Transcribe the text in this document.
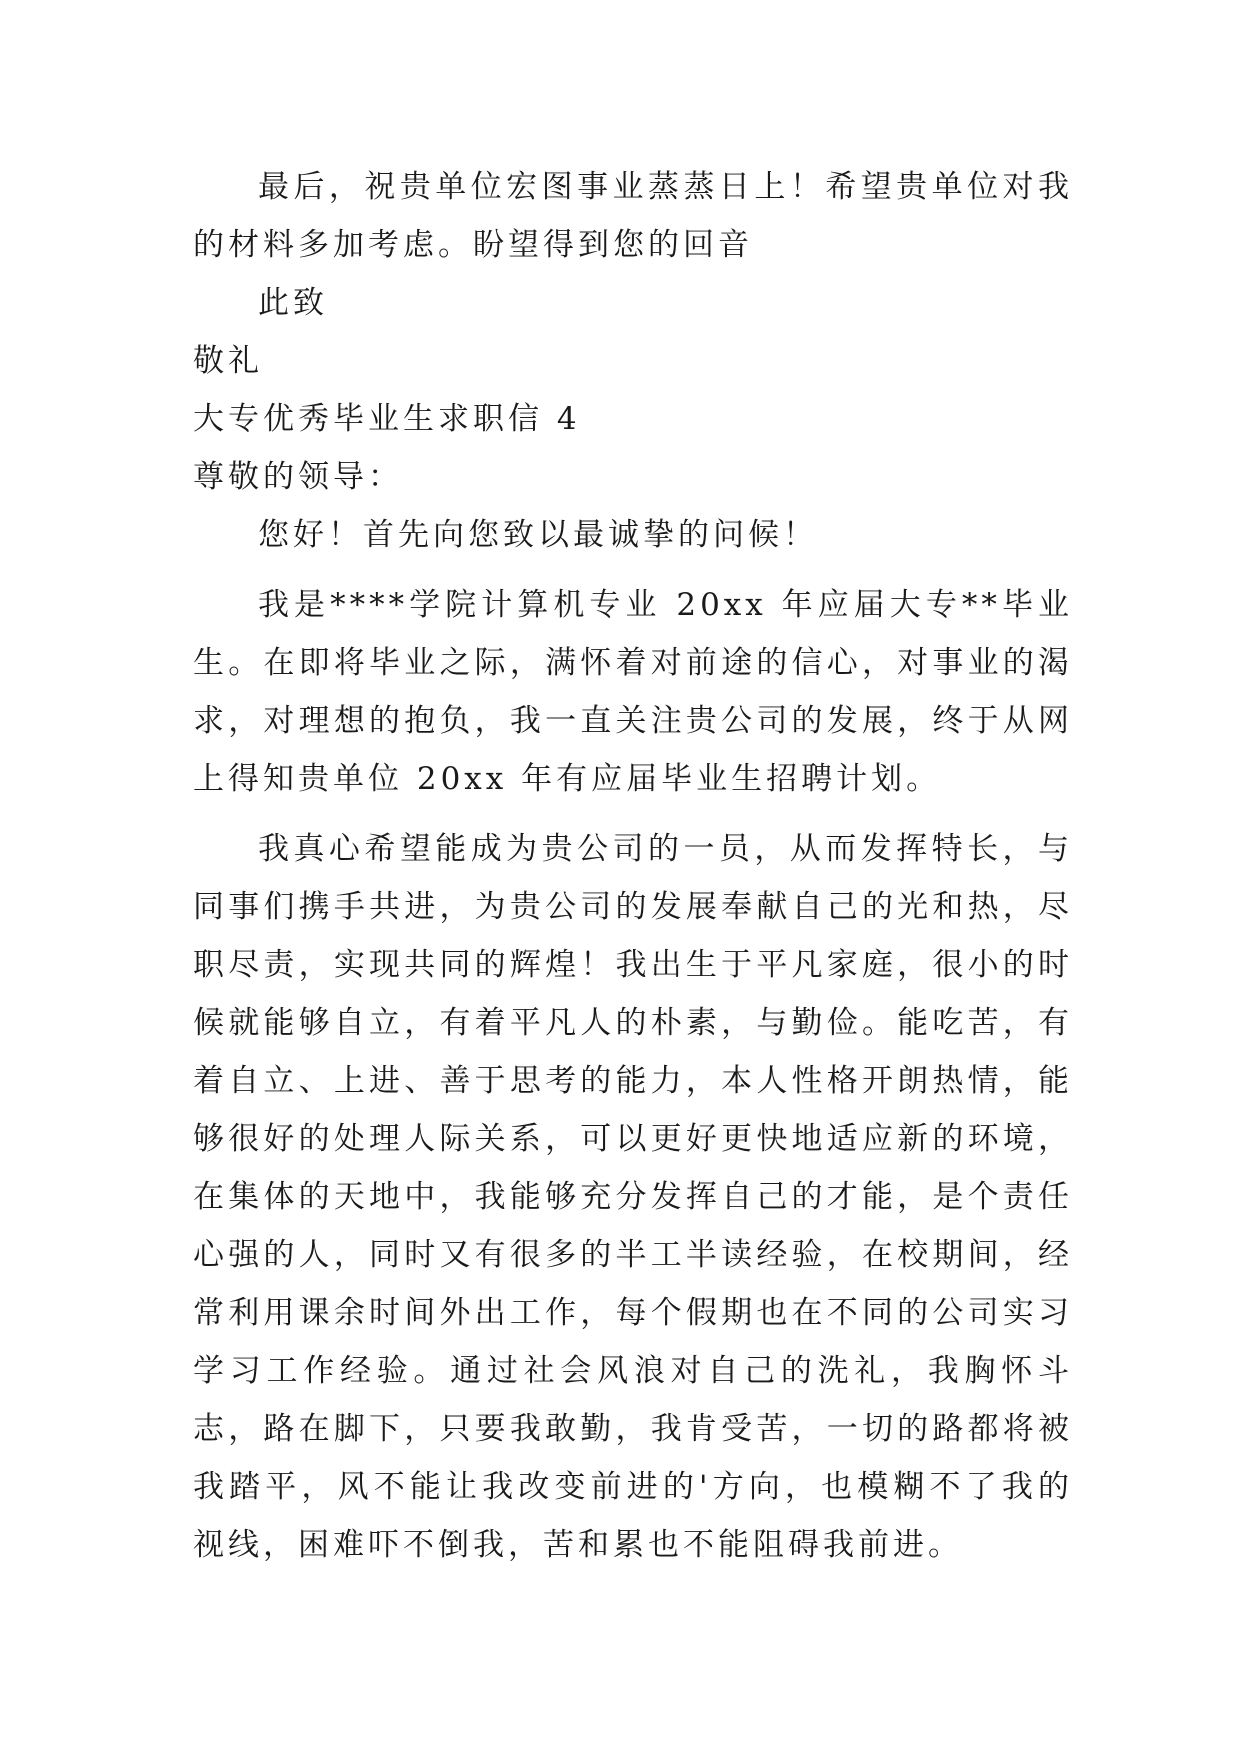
最后，祝贵单位宏图事业蒸蒸日上！希望贵单位对我的材料多加考虑。盼望得到您的回音

此致

敬礼

大专优秀毕业生求职信 4

尊敬的领导：

您好！首先向您致以最诚挚的问候！

我是****学院计算机专业 20xx 年应届大专**毕业生。在即将毕业之际，满怀着对前途的信心，对事业的渴求，对理想的抱负，我一直关注贵公司的发展，终于从网上得知贵单位 20xx 年有应届毕业生招聘计划。

我真心希望能成为贵公司的一员，从而发挥特长，与同事们携手共进，为贵公司的发展奉献自己的光和热，尽职尽责，实现共同的辉煌！我出生于平凡家庭，很小的时候就能够自立，有着平凡人的朴素，与勤俭。能吃苦，有着自立、上进、善于思考的能力，本人性格开朗热情，能够很好的处理人际关系，可以更好更快地适应新的环境，在集体的天地中，我能够充分发挥自己的才能，是个责任心强的人，同时又有很多的半工半读经验，在校期间，经常利用课余时间外出工作，每个假期也在不同的公司实习学习工作经验。通过社会风浪对自己的洗礼，我胸怀斗志，路在脚下，只要我敢勤，我肯受苦，一切的路都将被我踏平，风不能让我改变前进的'方向，也模糊不了我的视线，困难吓不倒我，苦和累也不能阻碍我前进。
